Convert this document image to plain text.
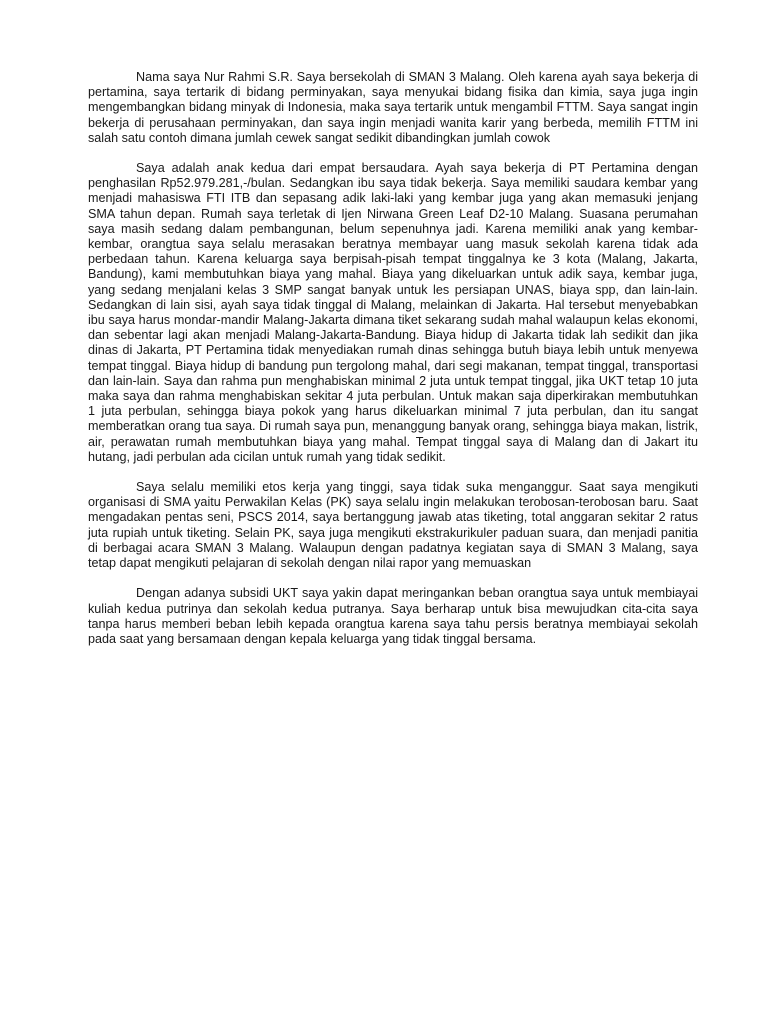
Nama saya Nur Rahmi S.R. Saya bersekolah di SMAN 3 Malang. Oleh karena ayah saya bekerja di pertamina, saya tertarik di bidang perminyakan, saya menyukai bidang fisika dan kimia, saya juga ingin mengembangkan bidang minyak di Indonesia, maka saya tertarik untuk mengambil FTTM. Saya sangat ingin bekerja di perusahaan perminyakan, dan saya ingin menjadi wanita karir yang berbeda, memilih FTTM ini salah satu contoh dimana jumlah cewek sangat sedikit dibandingkan jumlah cowok

Saya adalah anak kedua dari empat bersaudara. Ayah saya bekerja di PT Pertamina dengan penghasilan Rp52.979.281,-/bulan. Sedangkan ibu saya tidak bekerja. Saya memiliki saudara kembar yang menjadi mahasiswa FTI ITB dan sepasang adik laki-laki yang kembar juga yang akan memasuki jenjang SMA tahun depan. Rumah saya terletak di Ijen Nirwana Green Leaf D2-10 Malang. Suasana perumahan saya masih sedang dalam pembangunan, belum sepenuhnya jadi. Karena memiliki anak yang kembar-kembar, orangtua saya selalu merasakan beratnya membayar uang masuk sekolah karena tidak ada perbedaan tahun. Karena keluarga saya berpisah-pisah tempat tinggalnya ke 3 kota (Malang, Jakarta, Bandung), kami membutuhkan biaya yang mahal. Biaya yang dikeluarkan untuk adik saya, kembar juga, yang sedang menjalani kelas 3 SMP sangat banyak untuk les persiapan UNAS, biaya spp, dan lain-lain. Sedangkan di lain sisi, ayah saya tidak tinggal di Malang, melainkan di Jakarta. Hal tersebut menyebabkan ibu saya harus mondar-mandir Malang-Jakarta dimana tiket sekarang sudah mahal walaupun kelas ekonomi, dan sebentar lagi akan menjadi Malang-Jakarta-Bandung. Biaya hidup di Jakarta tidak lah sedikit dan jika dinas di Jakarta, PT Pertamina tidak menyediakan rumah dinas sehingga butuh biaya lebih untuk menyewa tempat tinggal. Biaya hidup di bandung pun tergolong mahal, dari segi makanan, tempat tinggal, transportasi dan lain-lain. Saya dan rahma pun menghabiskan minimal 2 juta untuk tempat tinggal, jika UKT tetap 10 juta maka saya dan rahma menghabiskan sekitar 4 juta perbulan. Untuk makan saja diperkirakan membutuhkan 1 juta perbulan, sehingga biaya pokok yang harus dikeluarkan minimal 7 juta perbulan, dan itu sangat memberatkan orang tua saya. Di rumah saya pun, menanggung banyak orang, sehingga biaya makan, listrik, air, perawatan rumah membutuhkan biaya yang mahal. Tempat tinggal saya di Malang dan di Jakart itu hutang, jadi perbulan ada cicilan untuk rumah yang tidak sedikit.

Saya selalu memiliki etos kerja yang tinggi, saya tidak suka menganggur. Saat saya mengikuti organisasi di SMA yaitu Perwakilan Kelas (PK) saya selalu ingin melakukan terobosan-terobosan baru. Saat mengadakan pentas seni, PSCS 2014, saya bertanggung jawab atas tiketing, total anggaran sekitar 2 ratus juta rupiah untuk tiketing. Selain PK, saya juga mengikuti ekstrakurikuler paduan suara, dan menjadi panitia di berbagai acara SMAN 3 Malang. Walaupun dengan padatnya kegiatan saya di SMAN 3 Malang, saya tetap dapat mengikuti pelajaran di sekolah dengan nilai rapor yang memuaskan

Dengan adanya subsidi UKT saya yakin dapat meringankan beban orangtua saya untuk membiayai kuliah kedua putrinya dan sekolah kedua putranya. Saya berharap untuk bisa mewujudkan cita-cita saya tanpa harus memberi beban lebih kepada orangtua karena saya tahu persis beratnya membiayai sekolah pada saat yang bersamaan dengan kepala keluarga yang tidak tinggal bersama.
